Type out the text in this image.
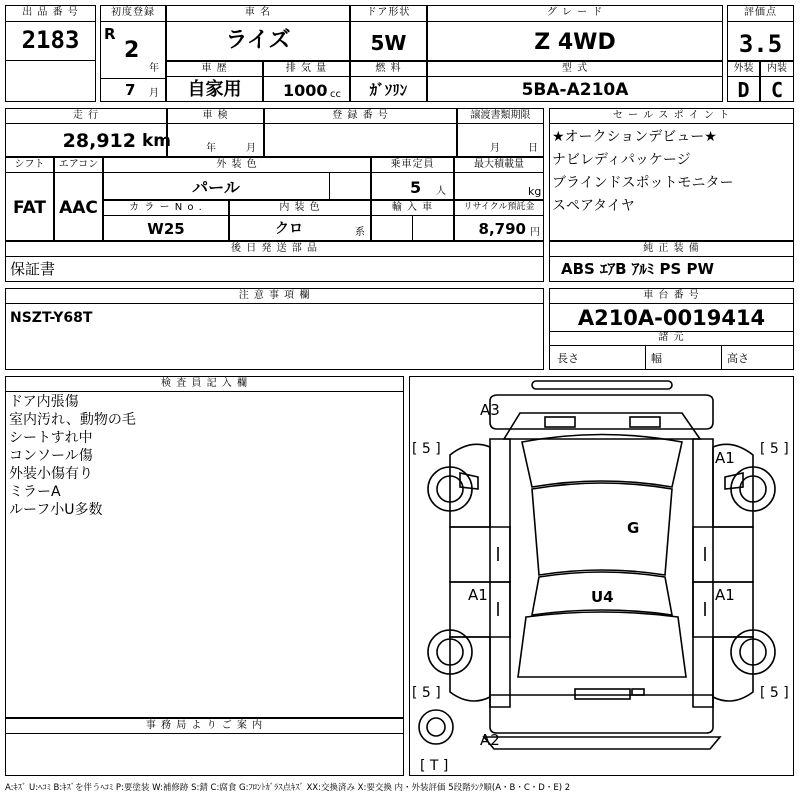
出 品 番 号
2183
初度登録
R
2
年
7 月
車 名
ライズ
ドア形状
5W
グ レ ー ド
Z 4WD
評価点
3.5
車 歴
自家用
排 気 量
1000 cc
燃 料
ｶﾞｿﾘﾝ
型 式
5BA-A210A
外装
D
内装
C
走 行
28,912 km
車 検
年	月
登 録 番 号	譲渡書類期限
月	日
シフト
FAT
エアコン
AAC
外 装 色
パール
乗車定員
5 人
最大積載量
kg
カ ラ ー N o .
W25
内 装 色
クロ	系
輸 入 車	リサイクル預託金
8,790 円
後 日 発 送 部 品
保証書
セ ー ル ス ポ イ ン ト
★オークションデビュー★
ナビレディパッケージ
ブラインドスポットモニター
スペアタイヤ
純 正 装 備
ABS ｴｱB ｱﾙﾐ PS PW
注 意 事 項 欄
NSZT-Y68T
車 台 番 号
A210A-0019414
諸 元
長さ	幅	高さ
検 査 員 記 入 欄
ドア内張傷
室内汚れ、動物の毛
シートすれ中
コンソール傷
外装小傷有り
ミラーA
ルーフ小U多数
事 務 局 よ り ご 案 内
A3
A1
G
A1	U4	A1
A2
[ 5 ]	[ 5 ]
[ 5 ]	[ 5 ]
[ T ]
A:ｷｽﾞ U:ﾍｺﾐ B:ｷｽﾞを伴うﾍｺﾐ P:要塗装 W:補修跡 S:錆 C:腐食 G:ﾌﾛﾝﾄｶﾞﾗｽ点ｷｽﾞ XX:交換済み X:要交換 内・外装評価 5段階ﾗﾝｸ順(A・B・C・D・E) 2
